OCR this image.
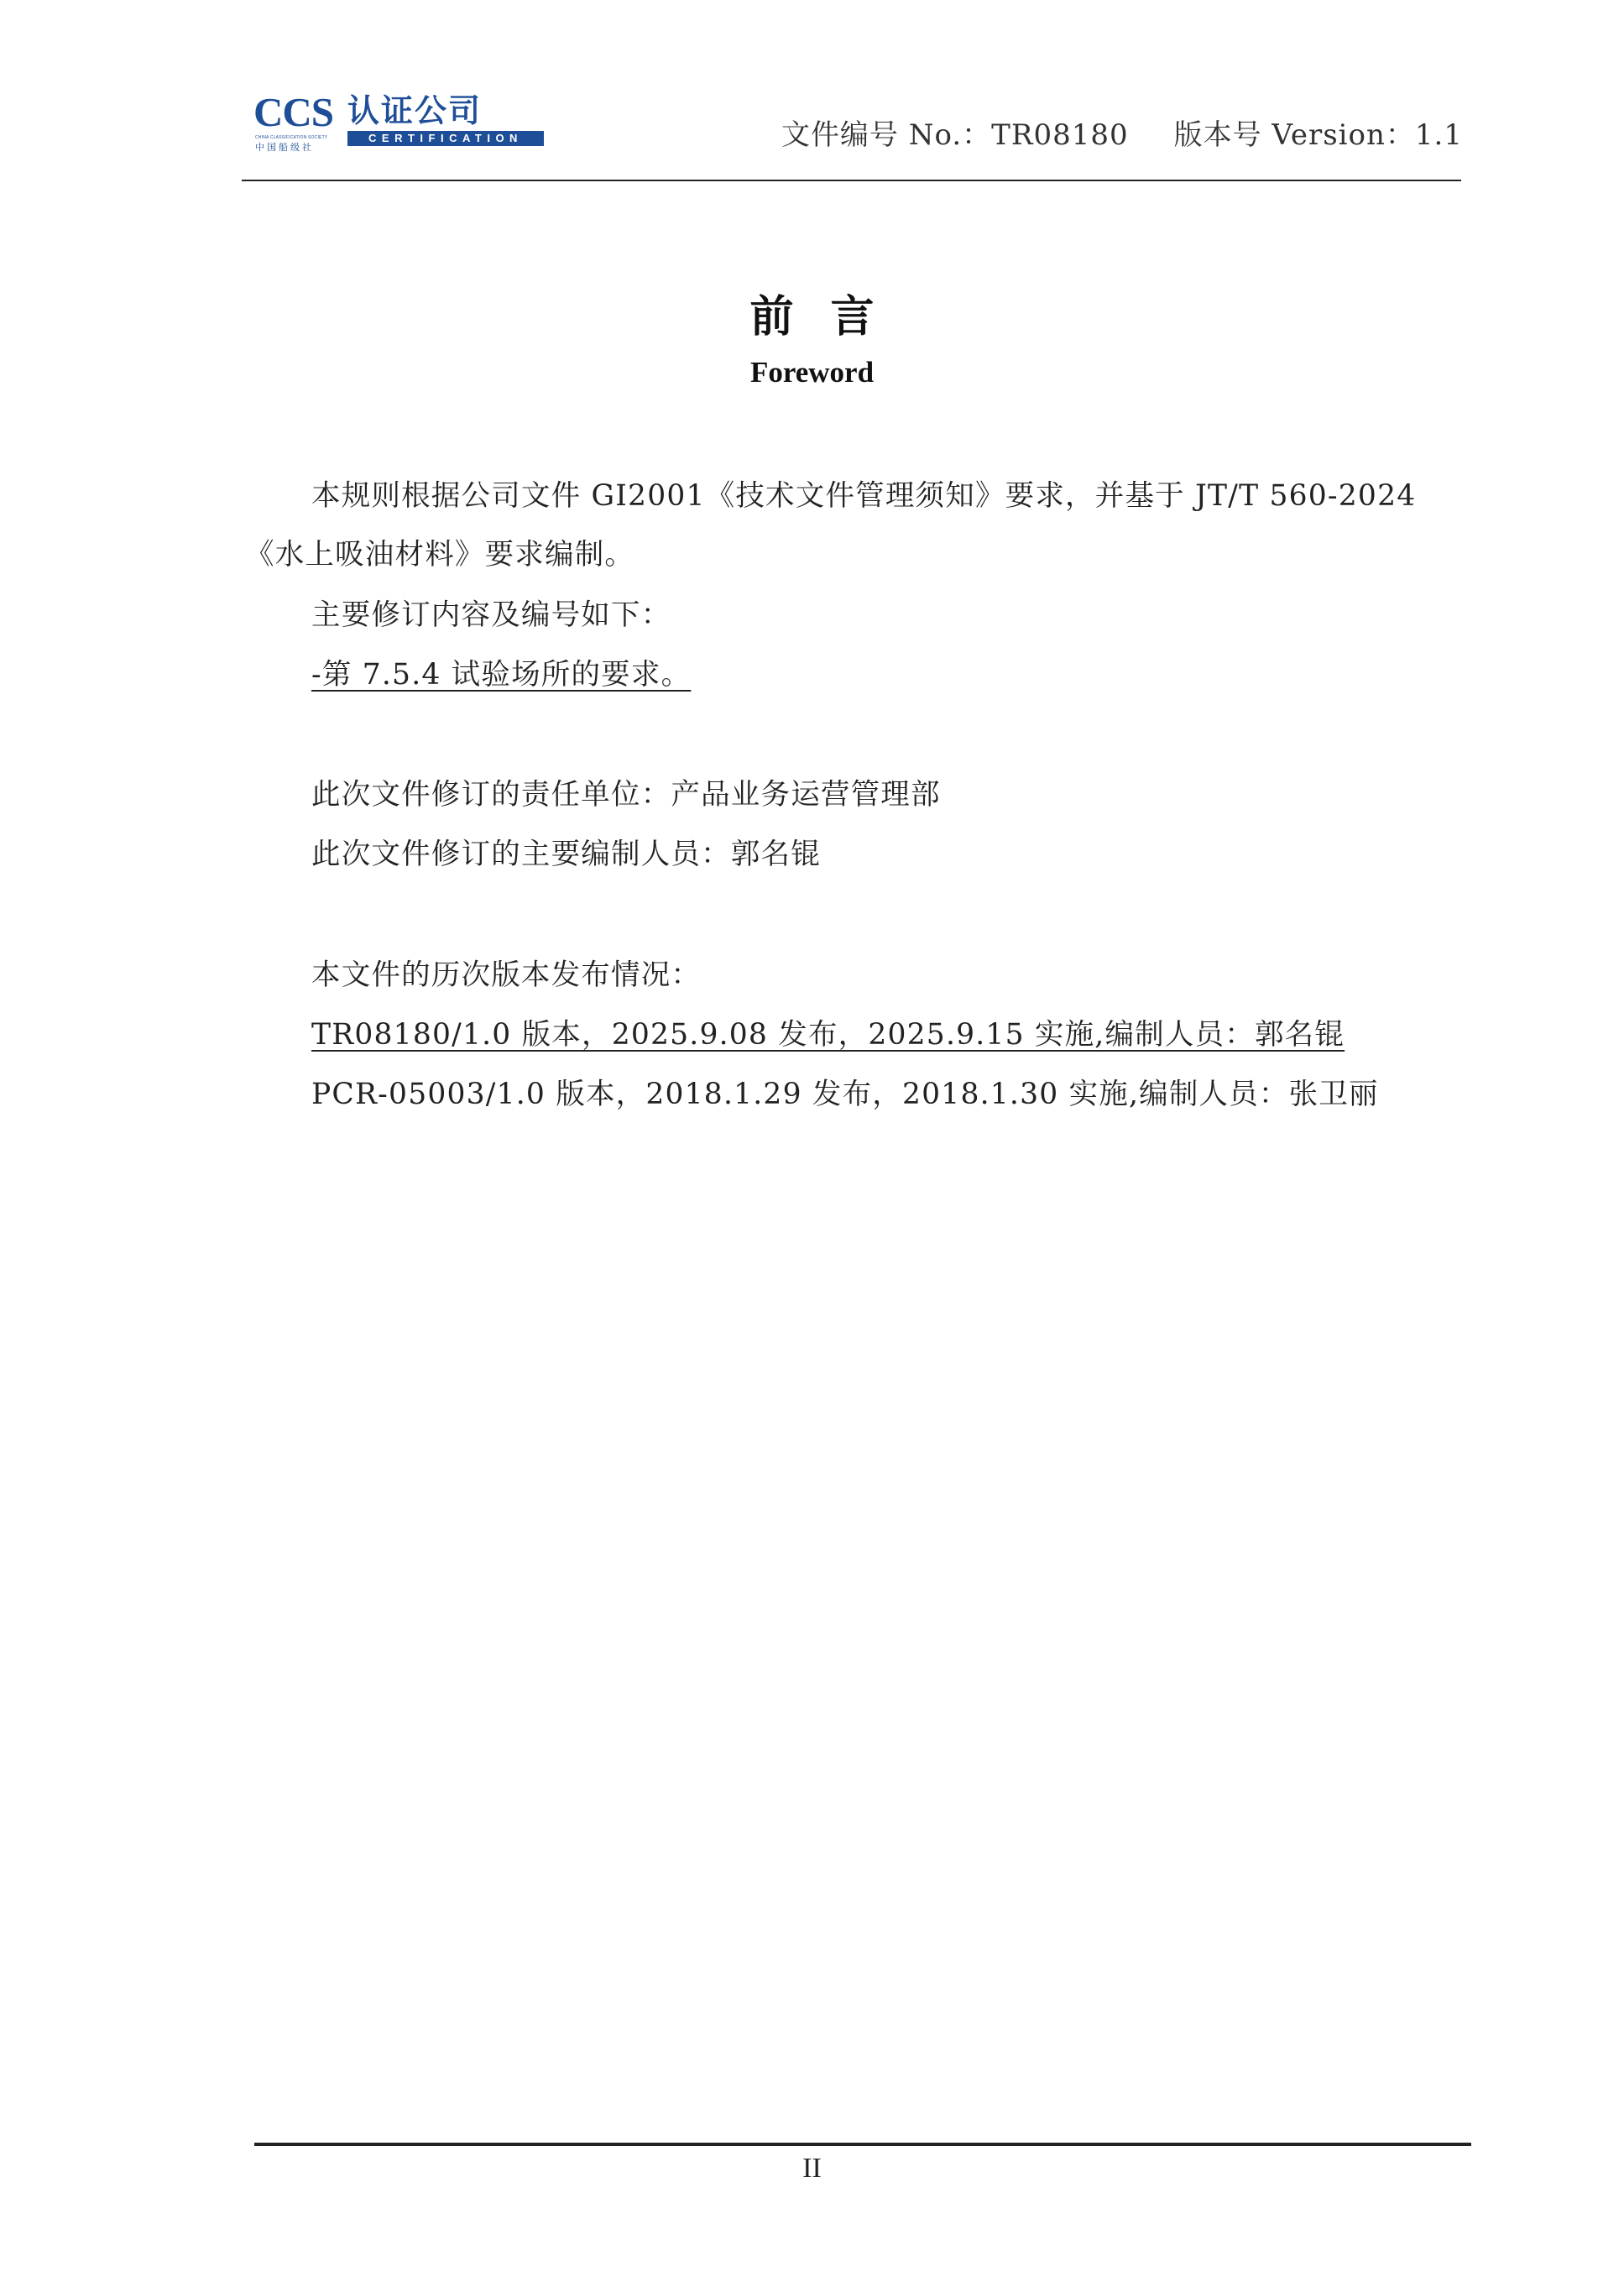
CCS
CHINA CLASSIFICATION SOCIETY
中国船级社
认证公司
CERTIFICATION	文件编号 No.：TR08180 版本号 Version：1.1
前言
Foreword
本规则根据公司文件 GI2001《技术文件管理须知》要求，并基于 JT/T 560-2024
《水上吸油材料》要求编制。
主要修订内容及编号如下：
-第 7.5.4 试验场所的要求。
此次文件修订的责任单位：产品业务运营管理部
此次文件修订的主要编制人员：郭名锟
本文件的历次版本发布情况：
TR08180/1.0 版本，2025.9.08 发布，2025.9.15 实施,编制人员：郭名锟
PCR-05003/1.0 版本，2018.1.29 发布，2018.1.30 实施,编制人员：张卫丽
II
